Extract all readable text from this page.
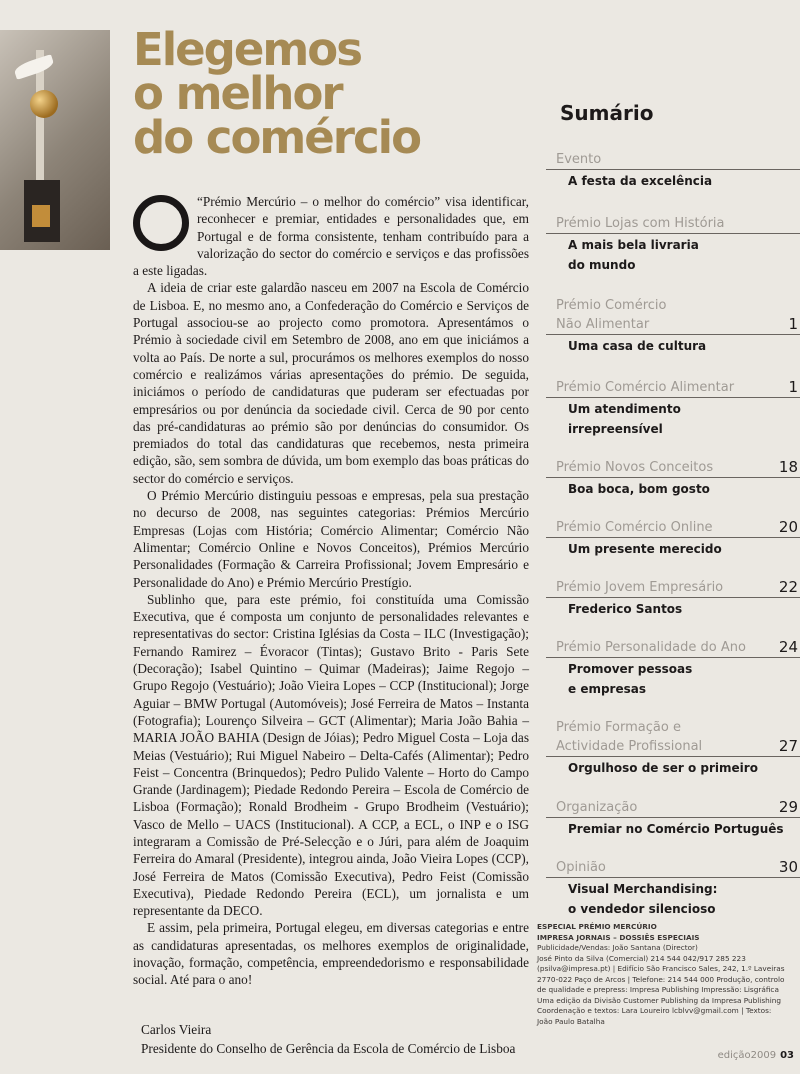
Elegemos
o melhor
do comércio

“Prémio Mercúrio – o melhor do comércio” visa identificar, reconhecer e premiar, entidades e personalidades que, em Portugal e de forma consistente, tenham contribuído para a valorização do sector do comércio e serviços e das profissões a este ligadas.

A ideia de criar este galardão nasceu em 2007 na Escola de Comércio de Lisboa. E, no mesmo ano, a Confederação do Comércio e Serviços de Portugal associou-se ao projecto como promotora. Apresentámos o Prémio à sociedade civil em Setembro de 2008, ano em que iniciámos a volta ao País. De norte a sul, procurámos os melhores exemplos do nosso comércio e realizámos várias apresentações do prémio. De seguida, iniciámos o período de candidaturas que puderam ser efectuadas por empresários ou por denúncia da sociedade civil. Cerca de 90 por cento das pré-candidaturas ao prémio são por denúncias do consumidor. Os premiados do total das candidaturas que recebemos, nesta primeira edição, são, sem sombra de dúvida, um bom exemplo das boas práticas do sector do comércio e serviços.

O Prémio Mercúrio distinguiu pessoas e empresas, pela sua prestação no decurso de 2008, nas seguintes categorias: Prémios Mercúrio Empresas (Lojas com História; Comércio Alimentar; Comércio Não Alimentar; Comércio Online e Novos Conceitos), Prémios Mercúrio Personalidades (Formação & Carreira Profissional; Jovem Empresário e Personalidade do Ano) e Prémio Mercúrio Prestígio.

Sublinho que, para este prémio, foi constituída uma Comissão Executiva, que é composta um conjunto de personalidades relevantes e representativas do sector: Cristina Iglésias da Costa – ILC (Investigação); Fernando Ramirez – Évoracor (Tintas); Gustavo Brito - Paris Sete (Decoração); Isabel Quintino – Quimar (Madeiras); Jaime Regojo – Grupo Regojo (Vestuário); João Vieira Lopes – CCP (Institucional); Jorge Aguiar – BMW Portugal (Automóveis); José Ferreira de Matos – Instanta (Fotografia); Lourenço Silveira – GCT (Alimentar); Maria João Bahia – MARIA JOÃO BAHIA (Design de Jóias); Pedro Miguel Costa – Loja das Meias (Vestuário); Rui Miguel Nabeiro – Delta-Cafés (Alimentar); Pedro Feist – Concentra (Brinquedos); Pedro Pulido Valente – Horto do Campo Grande (Jardinagem); Piedade Redondo Pereira – Escola de Comércio de Lisboa (Formação); Ronald Brodheim - Grupo Brodheim (Vestuário); Vasco de Mello – UACS (Institucional). A CCP, a ECL, o INP e o ISG integraram a Comissão de Pré-Selecção e o Júri, para além de Joaquim Ferreira do Amaral (Presidente), integrou ainda, João Vieira Lopes (CCP), José Ferreira de Matos (Comissão Executiva), Pedro Feist (Comissão Executiva), Piedade Redondo Pereira (ECL), um jornalista e um representante da DECO.

E assim, pela primeira, Portugal elegeu, em diversas categorias e entre as candidaturas apresentadas, os melhores exemplos de originalidade, inovação, formação, competência, empreendedorismo e responsabilidade social. Até para o ano!

Carlos Vieira
Presidente do Conselho de Gerência da Escola de Comércio de Lisboa
Sumário
Evento
A festa da excelência
Prémio Lojas com História
A mais bela livraria
do mundo
Prémio Comércio
Não Alimentar	1
Uma casa de cultura
Prémio Comércio Alimentar	1
Um atendimento
irrepreensível
Prémio Novos Conceitos	18
Boa boca, bom gosto
Prémio Comércio Online	20
Um presente merecido
Prémio Jovem Empresário	22
Frederico Santos
Prémio Personalidade do Ano 24
Promover pessoas
e empresas
Prémio Formação e
Actividade Profissional	27
Orgulhoso de ser o primeiro
Organização	29
Premiar no Comércio Português
Opinião	30
Visual Merchandising:
o vendedor silencioso
ESPECIAL PRÉMIO MERCÚRIO
IMPRESA JORNAIS – DOSSIÊS ESPECIAIS
Publicidade/Vendas: João Santana (Director)
José Pinto da Silva (Comercial) 214 544 042/917 285 223
(psilva@impresa.pt) | Edifício São Francisco Sales, 242, 1.º Laveiras
2770-022 Paço de Arcos | Telefone: 214 544 000 Produção, controlo
de qualidade e prepress: Impresa Publishing Impressão: Lisgráfica
Uma edição da Divisão Customer Publishing da Impresa Publishing
Coordenação e textos: Lara Loureiro lcblvv@gmail.com | Textos:
João Paulo Batalha
edição2009 03
